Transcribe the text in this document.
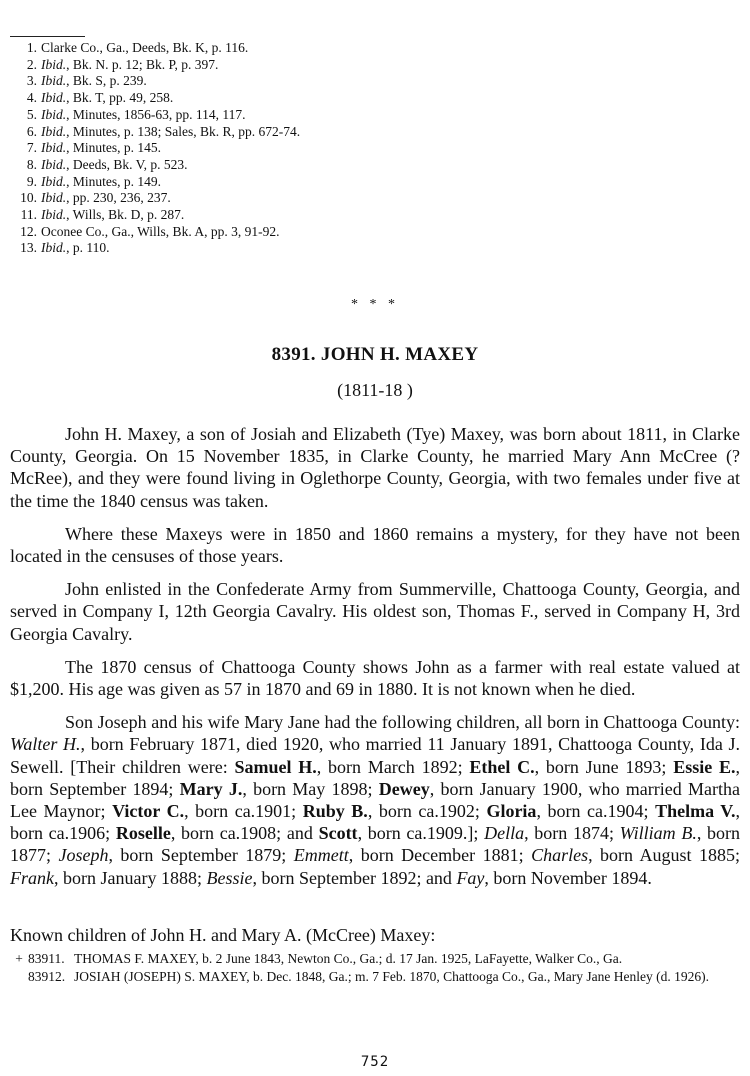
1. Clarke Co., Ga., Deeds, Bk. K, p. 116.
2. Ibid., Bk. N. p. 12; Bk. P, p. 397.
3. Ibid., Bk. S, p. 239.
4. Ibid., Bk. T, pp. 49, 258.
5. Ibid., Minutes, 1856-63, pp. 114, 117.
6. Ibid., Minutes, p. 138; Sales, Bk. R, pp. 672-74.
7. Ibid., Minutes, p. 145.
8. Ibid., Deeds, Bk. V, p. 523.
9. Ibid., Minutes, p. 149.
10. Ibid., pp. 230, 236, 237.
11. Ibid., Wills, Bk. D, p. 287.
12. Oconee Co., Ga., Wills, Bk. A, pp. 3, 91-92.
13. Ibid., p. 110.
* * *
8391. JOHN H. MAXEY
(1811-18 )

John H. Maxey, a son of Josiah and Elizabeth (Tye) Maxey, was born about 1811, in Clarke County, Georgia. On 15 November 1835, in Clarke County, he married Mary Ann McCree (?McRee), and they were found living in Oglethorpe County, Georgia, with two females under five at the time the 1840 census was taken.

Where these Maxeys were in 1850 and 1860 remains a mystery, for they have not been located in the censuses of those years.

John enlisted in the Confederate Army from Summerville, Chattooga County, Georgia, and served in Company I, 12th Georgia Cavalry. His oldest son, Thomas F., served in Company H, 3rd Georgia Cavalry.

The 1870 census of Chattooga County shows John as a farmer with real estate valued at $1,200. His age was given as 57 in 1870 and 69 in 1880. It is not known when he died.

Son Joseph and his wife Mary Jane had the following children, all born in Chattooga County: Walter H., born February 1871, died 1920, who married 11 January 1891, Chattooga County, Ida J. Sewell. [Their children were: Samuel H., born March 1892; Ethel C., born June 1893; Essie E., born September 1894; Mary J., born May 1898; Dewey, born January 1900, who married Martha Lee Maynor; Victor C., born ca.1901; Ruby B., born ca.1902; Gloria, born ca.1904; Thelma V., born ca.1906; Roselle, born ca.1908; and Scott, born ca.1909.]; Della, born 1874; William B., born 1877; Joseph, born September 1879; Emmett, born December 1881; Charles, born August 1885; Frank, born January 1888; Bessie, born September 1892; and Fay, born November 1894.

Known children of John H. and Mary A. (McCree) Maxey:
+ 83911. THOMAS F. MAXEY, b. 2 June 1843, Newton Co., Ga.; d. 17 Jan. 1925, LaFayette, Walker Co., Ga.
83912. JOSIAH (JOSEPH) S. MAXEY, b. Dec. 1848, Ga.; m. 7 Feb. 1870, Chattooga Co., Ga., Mary Jane Henley (d. 1926).
752
